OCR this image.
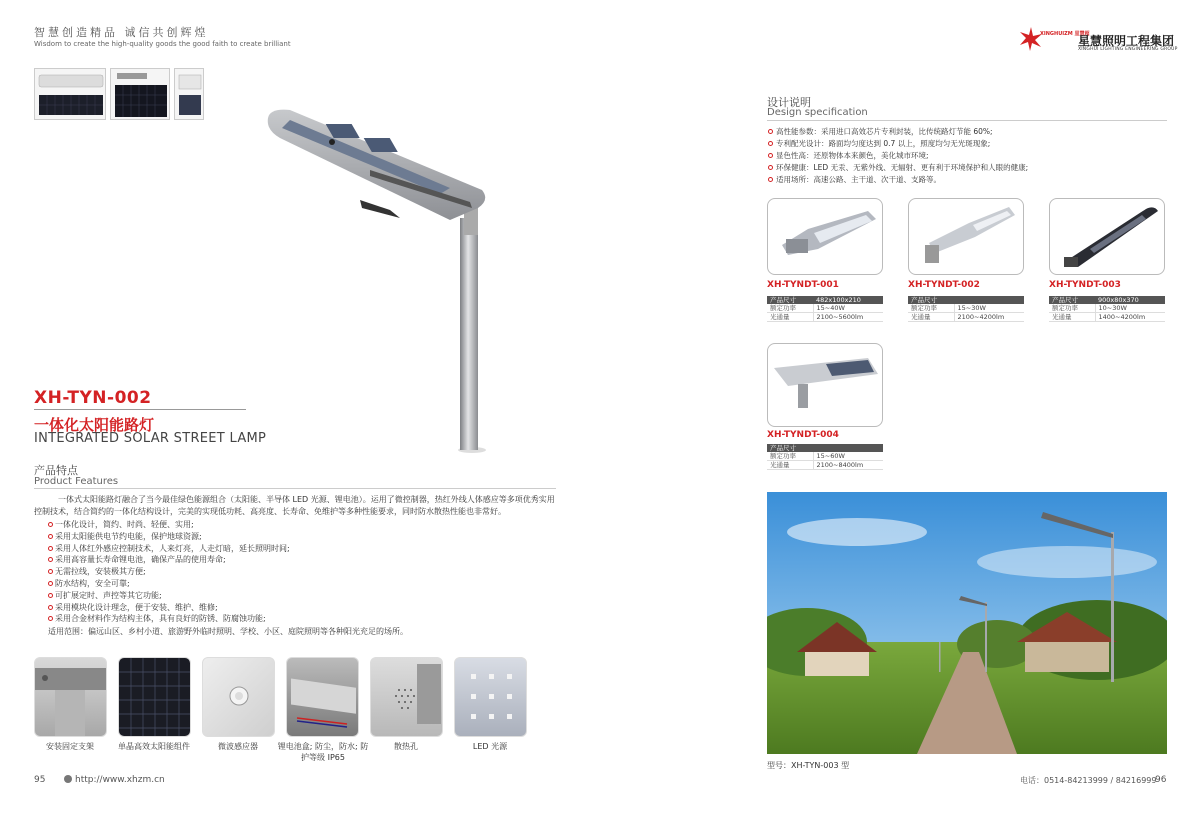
智慧创造精品 诚信共创辉煌
Wisdom to create the high-quality goods the good faith to create brilliant
XH-TYN-002
一体化太阳能路灯
INTEGRATED SOLAR STREET LAMP
产品特点
Product Features

一体式太阳能路灯融合了当今最佳绿色能源组合（太阳能、半导体 LED 光源、锂电池）。运用了微控制器，热红外线人体感应等多项优秀实用控制技术，结合简约的一体化结构设计，完美的实现低功耗、高亮度、长寿命、免维护等多种性能要求，同时防水散热性能也非常好。

一体化设计，简约、时尚、轻便、实用;
采用太阳能供电节约电能，保护地球资源;
采用人体红外感应控制技术，人来灯亮，人走灯暗，延长照明时间;
采用高容量长寿命锂电池，确保产品的使用寿命;
无需拉线，安装极其方便;
防水结构，安全可靠;
可扩展定时、声控等其它功能;
采用模块化设计理念，便于安装、维护、维修;
采用合金材料作为结构主体，具有良好的防锈、防腐蚀功能;
适用范围：偏远山区、乡村小道、旅游野外临时照明、学校、小区、庭院照明等各种阳光充足的场所。
安装固定支架	单晶高效太阳能组件	微波感应器	锂电池盒; 防尘，防水; 防护等级 IP65
散热孔	LED 光源
95	http://www.xhzm.cn
XINGHUIZM 星慧超
星慧照明工程集团
XINGHUI LIGHTING ENGINEERING GROUP
设计说明
Design specification
高性能参数：采用进口高效芯片专利封装，比传统路灯节能 60%;
专利配光设计：路面均匀度达到 0.7 以上，照度均匀无光斑现象;
显色性高：还原物体本来颜色，美化城市环境;
环保健康：LED 无汞、无紫外线、无辐射、更有利于环境保护和人眼的健康;
适用场所：高速公路、主干道、次干道、支路等。
XH-TYNDT-001
产品尺寸	482x100x210
额定功率	15~40W
光通量	2100~5600lm
XH-TYNDT-002
产品尺寸	
额定功率	15~30W
光通量	2100~4200lm
XH-TYNDT-003
产品尺寸	900x80x370
额定功率	10~30W
光通量	1400~4200lm
XH-TYNDT-004
产品尺寸	
额定功率	15~60W
光通量	2100~8400lm
型号：XH-TYN-003 型
电话：0514-84213999 / 84216999
96
